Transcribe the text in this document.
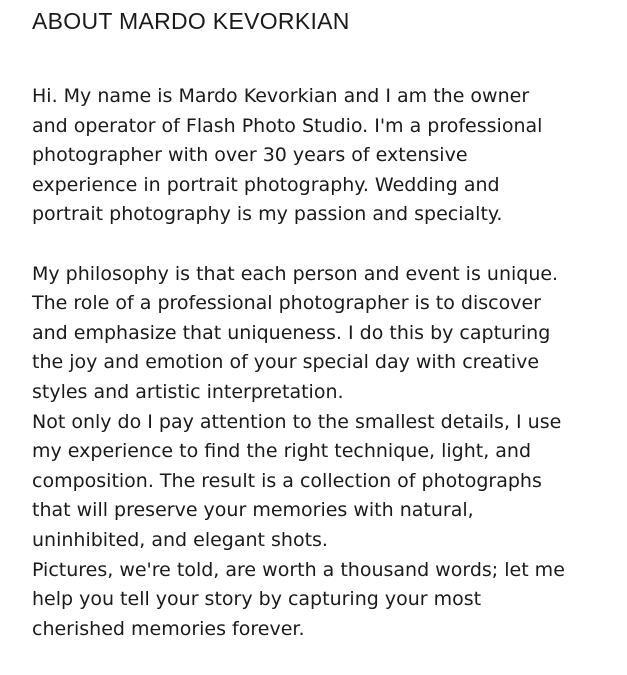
ABOUT MARDO KEVORKIAN

Hi. My name is Mardo Kevorkian and I am the owner
and operator of Flash Photo Studio. I'm a professional
photographer with over 30 years of extensive
experience in portrait photography. Wedding and
portrait photography is my passion and specialty.

My philosophy is that each person and event is unique.
The role of a professional photographer is to discover
and emphasize that uniqueness. I do this by capturing
the joy and emotion of your special day with creative
styles and artistic interpretation.

Not only do I pay attention to the smallest details, I use
my experience to find the right technique, light, and
composition. The result is a collection of photographs
that will preserve your memories with natural,
uninhibited, and elegant shots.

Pictures, we're told, are worth a thousand words; let me
help you tell your story by capturing your most
cherished memories forever.
